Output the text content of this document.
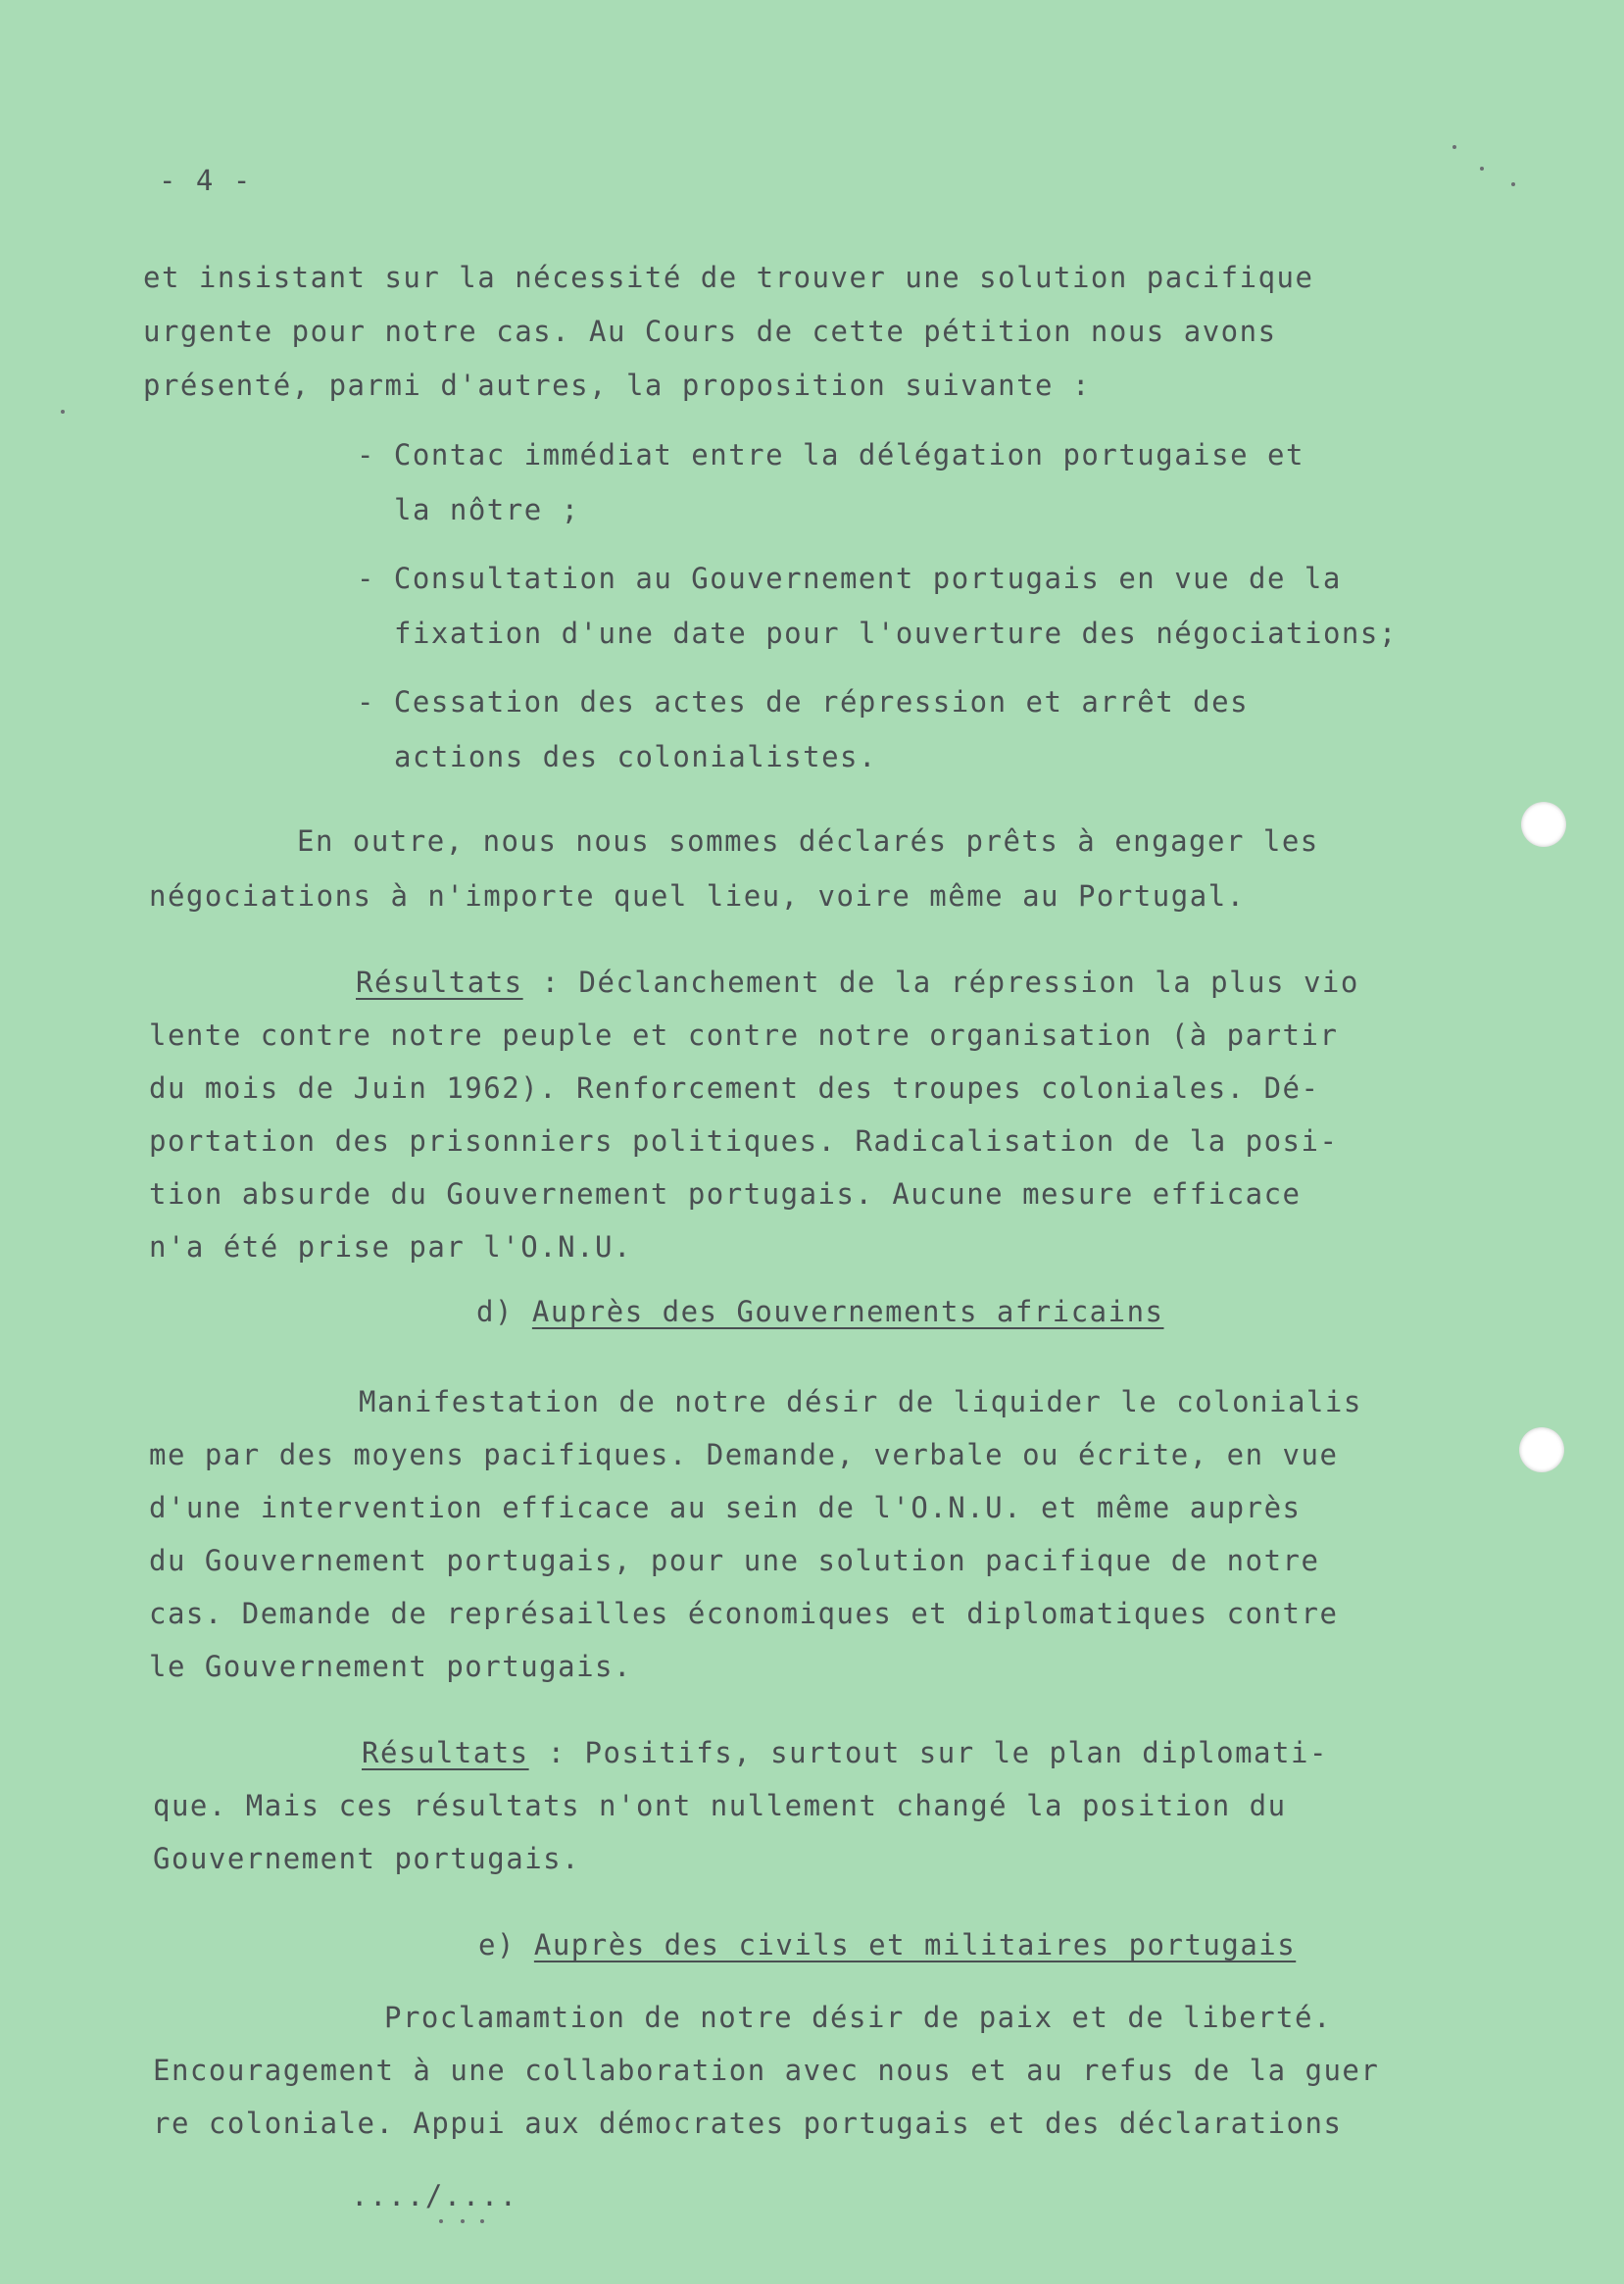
- 4 -
et insistant sur la nécessité de trouver une solution pacifique
urgente pour notre cas. Au Cours de cette pétition nous avons
présenté, parmi d'autres, la proposition suivante :
- Contac immédiat entre la délégation portugaise et
la nôtre ;
- Consultation au Gouvernement portugais en vue de la
fixation d'une date pour l'ouverture des négociations;
- Cessation des actes de répression et arrêt des
actions des colonialistes.
En outre, nous nous sommes déclarés prêts à engager les
négociations à n'importe quel lieu, voire même au Portugal.
Résultats : Déclanchement de la répression la plus vio
lente contre notre peuple et contre notre organisation (à partir
du mois de Juin 1962). Renforcement des troupes coloniales. Dé-
portation des prisonniers politiques. Radicalisation de la posi-
tion absurde du Gouvernement portugais. Aucune mesure efficace
n'a été prise par l'O.N.U.
d) Auprès des Gouvernements africains
Manifestation de notre désir de liquider le colonialis
me par des moyens pacifiques. Demande, verbale ou écrite, en vue
d'une intervention efficace au sein de l'O.N.U. et même auprès
du Gouvernement portugais, pour une solution pacifique de notre
cas. Demande de représailles économiques et diplomatiques contre
le Gouvernement portugais.
Résultats : Positifs, surtout sur le plan diplomati-
que. Mais ces résultats n'ont nullement changé la position du
Gouvernement portugais.
e) Auprès des civils et militaires portugais
Proclamamtion de notre désir de paix et de liberté.
Encouragement à une collaboration avec nous et au refus de la guer
re coloniale. Appui aux démocrates portugais et des déclarations
..../....
